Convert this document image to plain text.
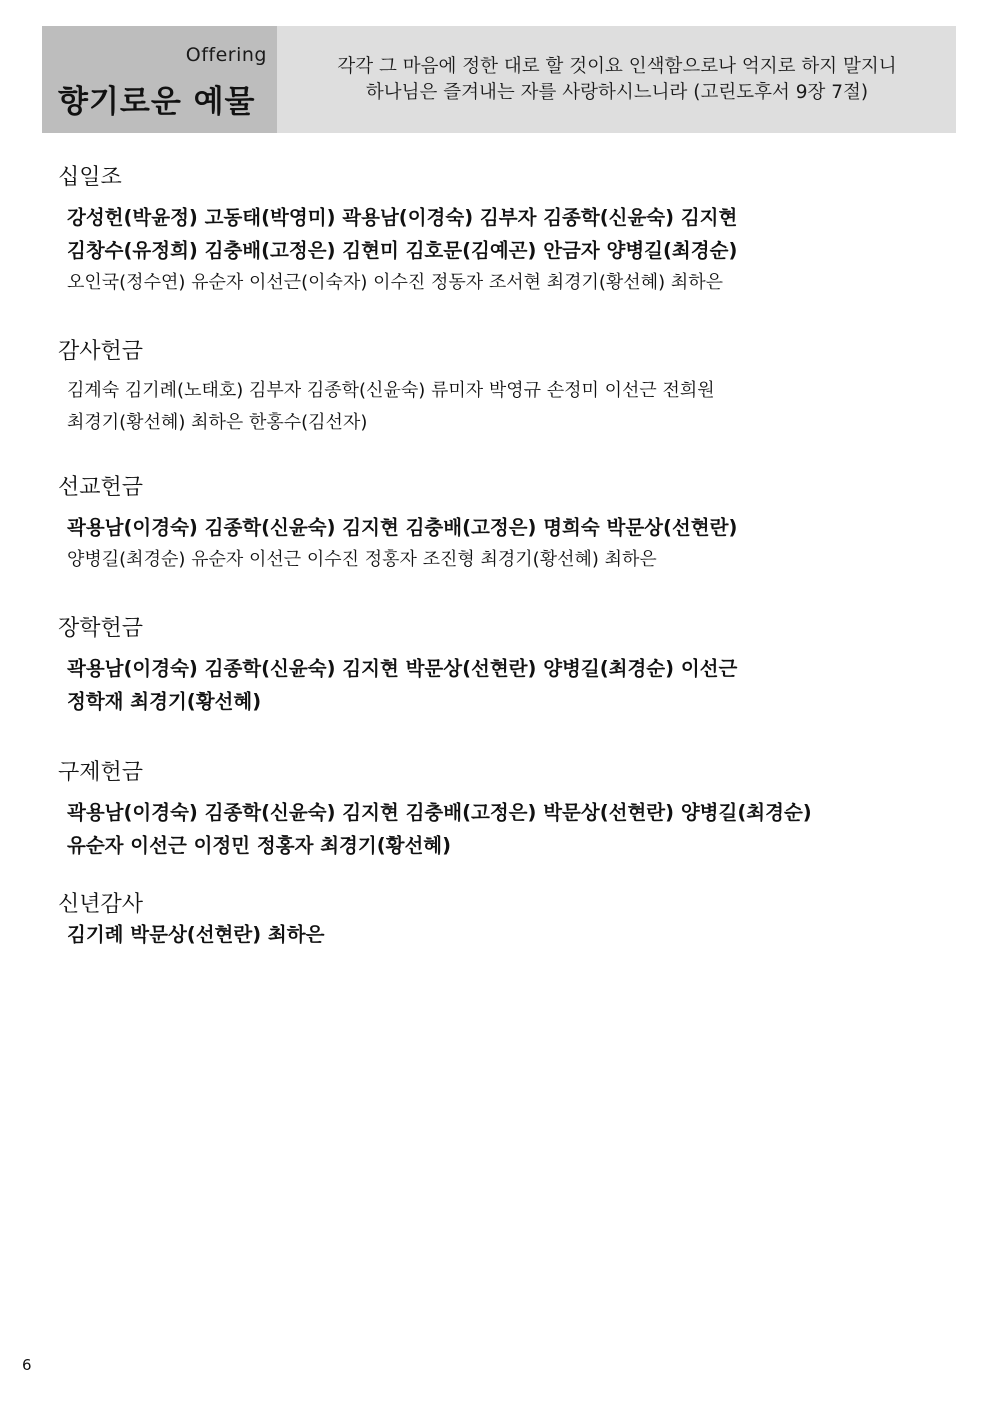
Offering
향기로운 예물
각각 그 마음에 정한 대로 할 것이요 인색함으로나 억지로 하지 말지니
하나님은 즐겨내는 자를 사랑하시느니라 (고린도후서 9장 7절)
십일조
강성헌(박윤정) 고동태(박영미) 곽용남(이경숙) 김부자 김종학(신윤숙) 김지현
김창수(유정희) 김충배(고정은) 김현미 김호문(김예곤) 안금자 양병길(최경순)
오인국(정수연) 유순자 이선근(이숙자) 이수진 정동자 조서현 최경기(황선혜) 최하은
감사헌금
김계숙 김기례(노태호) 김부자 김종학(신윤숙) 류미자 박영규 손정미 이선근 전희원
최경기(황선혜) 최하은 한홍수(김선자)
선교헌금
곽용남(이경숙) 김종학(신윤숙) 김지현 김충배(고정은) 명희숙 박문상(선현란)
양병길(최경순) 유순자 이선근 이수진 정홍자 조진형 최경기(황선혜) 최하은
장학헌금
곽용남(이경숙) 김종학(신윤숙) 김지현 박문상(선현란) 양병길(최경순) 이선근
정학재 최경기(황선혜)
구제헌금
곽용남(이경숙) 김종학(신윤숙) 김지현 김충배(고정은) 박문상(선현란) 양병길(최경순)
유순자 이선근 이정민 정홍자 최경기(황선혜)
신년감사
김기례 박문상(선현란) 최하은
6
